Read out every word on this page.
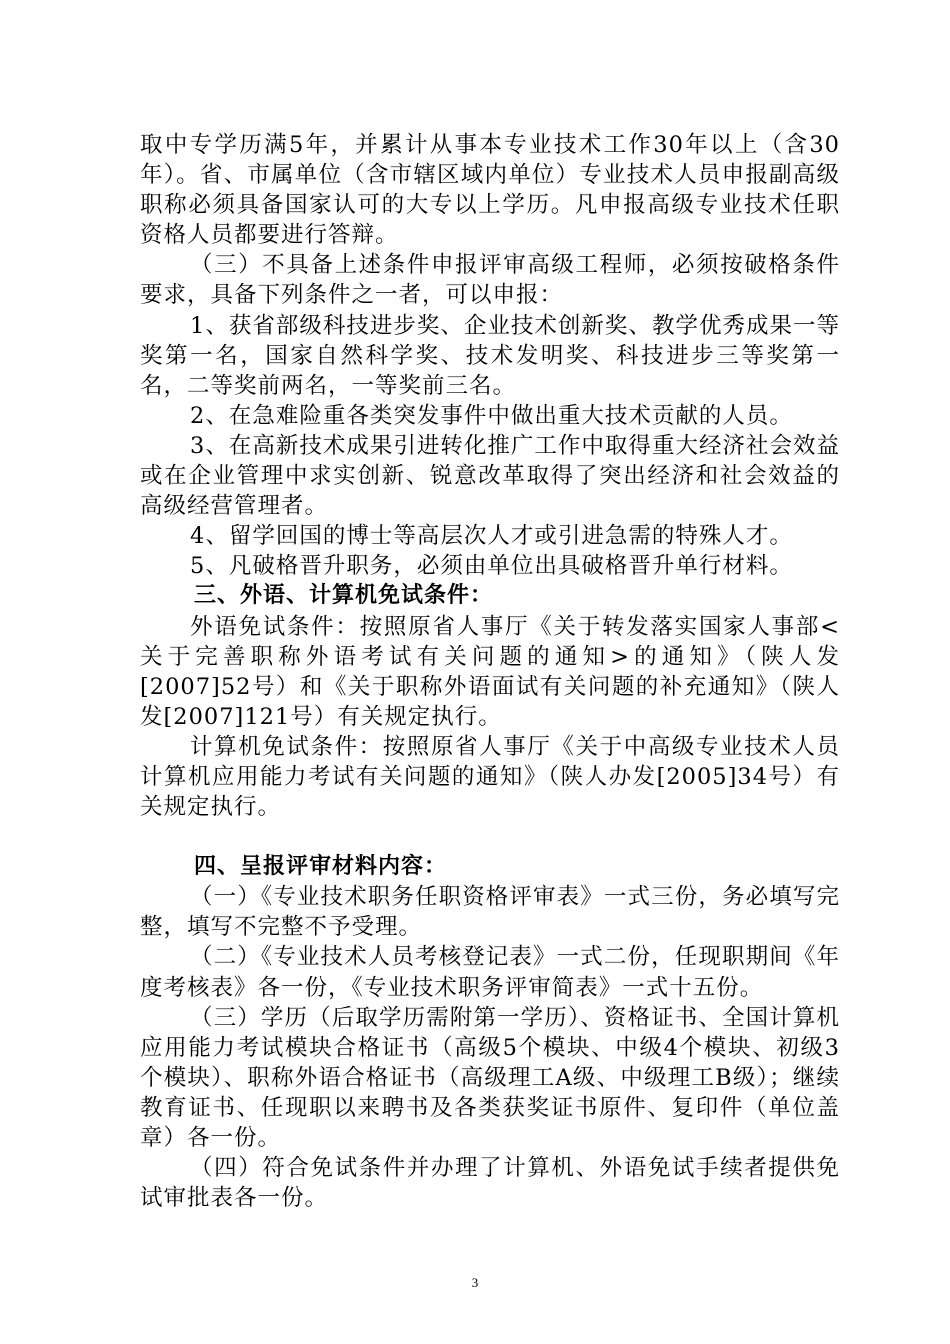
取中专学历满5年，并累计从事本专业技术工作30年以上（含30年）。省、市属单位（含市辖区域内单位）专业技术人员申报副高级职称必须具备国家认可的大专以上学历。凡申报高级专业技术任职资格人员都要进行答辩。

（三）不具备上述条件申报评审高级工程师，必须按破格条件要求，具备下列条件之一者，可以申报：

1、获省部级科技进步奖、企业技术创新奖、教学优秀成果一等奖第一名，国家自然科学奖、技术发明奖、科技进步三等奖第一名，二等奖前两名，一等奖前三名。

2、在急难险重各类突发事件中做出重大技术贡献的人员。

3、在高新技术成果引进转化推广工作中取得重大经济社会效益或在企业管理中求实创新、锐意改革取得了突出经济和社会效益的高级经营管理者。

4、留学回国的博士等高层次人才或引进急需的特殊人才。

5、凡破格晋升职务，必须由单位出具破格晋升单行材料。

三、外语、计算机免试条件：

外语免试条件：按照原省人事厅《关于转发落实国家人事部<关于完善职称外语考试有关问题的通知>的通知》（陕人发[2007]52号）和《关于职称外语面试有关问题的补充通知》（陕人发[2007]121号）有关规定执行。

计算机免试条件：按照原省人事厅《关于中高级专业技术人员计算机应用能力考试有关问题的通知》（陕人办发[2005]34号）有关规定执行。

四、呈报评审材料内容：

（一）《专业技术职务任职资格评审表》一式三份，务必填写完整，填写不完整不予受理。

（二）《专业技术人员考核登记表》一式二份，任现职期间《年度考核表》各一份，《专业技术职务评审简表》一式十五份。

（三）学历（后取学历需附第一学历）、资格证书、全国计算机应用能力考试模块合格证书（高级5个模块、中级4个模块、初级3个模块）、职称外语合格证书（高级理工A级、中级理工B级）；继续教育证书、任现职以来聘书及各类获奖证书原件、复印件（单位盖章）各一份。

（四）符合免试条件并办理了计算机、外语免试手续者提供免试审批表各一份。

3
